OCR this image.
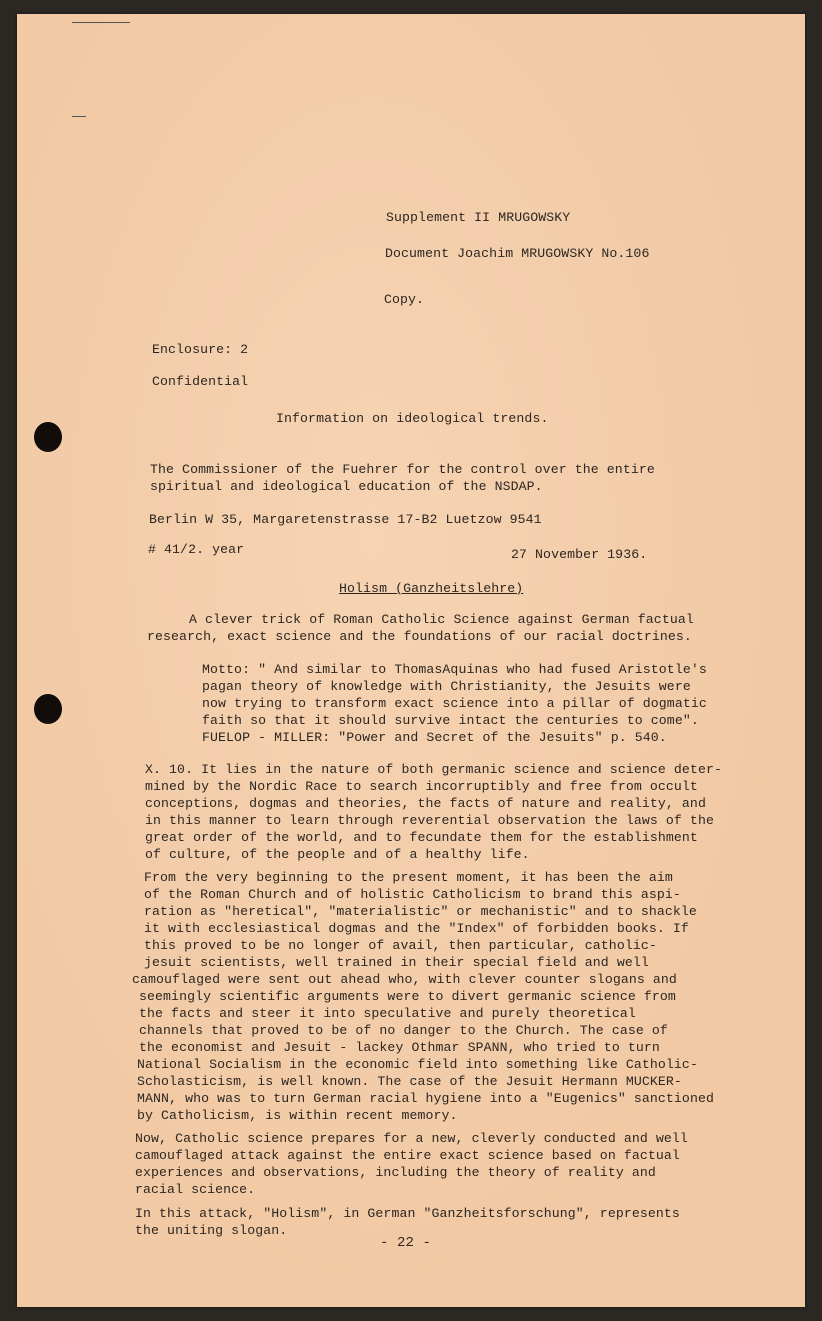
Supplement II MRUGOWSKY
Document Joachim MRUGOWSKY No.106
Copy.
Enclosure: 2
Confidential
Information on ideological trends.
The Commissioner of the Fuehrer for the control over the entire
spiritual and ideological education of the NSDAP.
Berlin W 35, Margaretenstrasse 17-B2 Luetzow 9541
# 41/2. year	27 November 1936.
Holism (Ganzheitslehre)
A clever trick of Roman Catholic Science against German factual
research, exact science and the foundations of our racial doctrines.
Motto: " And similar to ThomasAquinas who had fused Aristotle's
pagan theory of knowledge with Christianity, the Jesuits were
now trying to transform exact science into a pillar of dogmatic
faith so that it should survive intact the centuries to come".
FUELOP - MILLER: "Power and Secret of the Jesuits" p. 540.
X. 10. It lies in the nature of both germanic science and science deter-
mined by the Nordic Race to search incorruptibly and free from occult
conceptions, dogmas and theories, the facts of nature and reality, and
in this manner to learn through reverential observation the laws of the
great order of the world, and to fecundate them for the establishment
of culture, of the people and of a healthy life.
From the very beginning to the present moment, it has been the aim
of the Roman Church and of holistic Catholicism to brand this aspi-
ration as "heretical", "materialistic" or mechanistic" and to shackle
it with ecclesiastical dogmas and the "Index" of forbidden books. If
this proved to be no longer of avail, then particular, catholic-
jesuit scientists, well trained in their special field and well
camouflaged were sent out ahead who, with clever counter slogans and
seemingly scientific arguments were to divert germanic science from
the facts and steer it into speculative and purely theoretical
channels that proved to be of no danger to the Church. The case of
the economist and Jesuit - lackey Othmar SPANN, who tried to turn
National Socialism in the economic field into something like Catholic-
Scholasticism, is well known. The case of the Jesuit Hermann MUCKER-
MANN, who was to turn German racial hygiene into a "Eugenics" sanctioned
by Catholicism, is within recent memory.
Now, Catholic science prepares for a new, cleverly conducted and well
camouflaged attack against the entire exact science based on factual
experiences and observations, including the theory of reality and
racial science.
In this attack, "Holism", in German "Ganzheitsforschung", represents
the uniting slogan.
- 22 -
